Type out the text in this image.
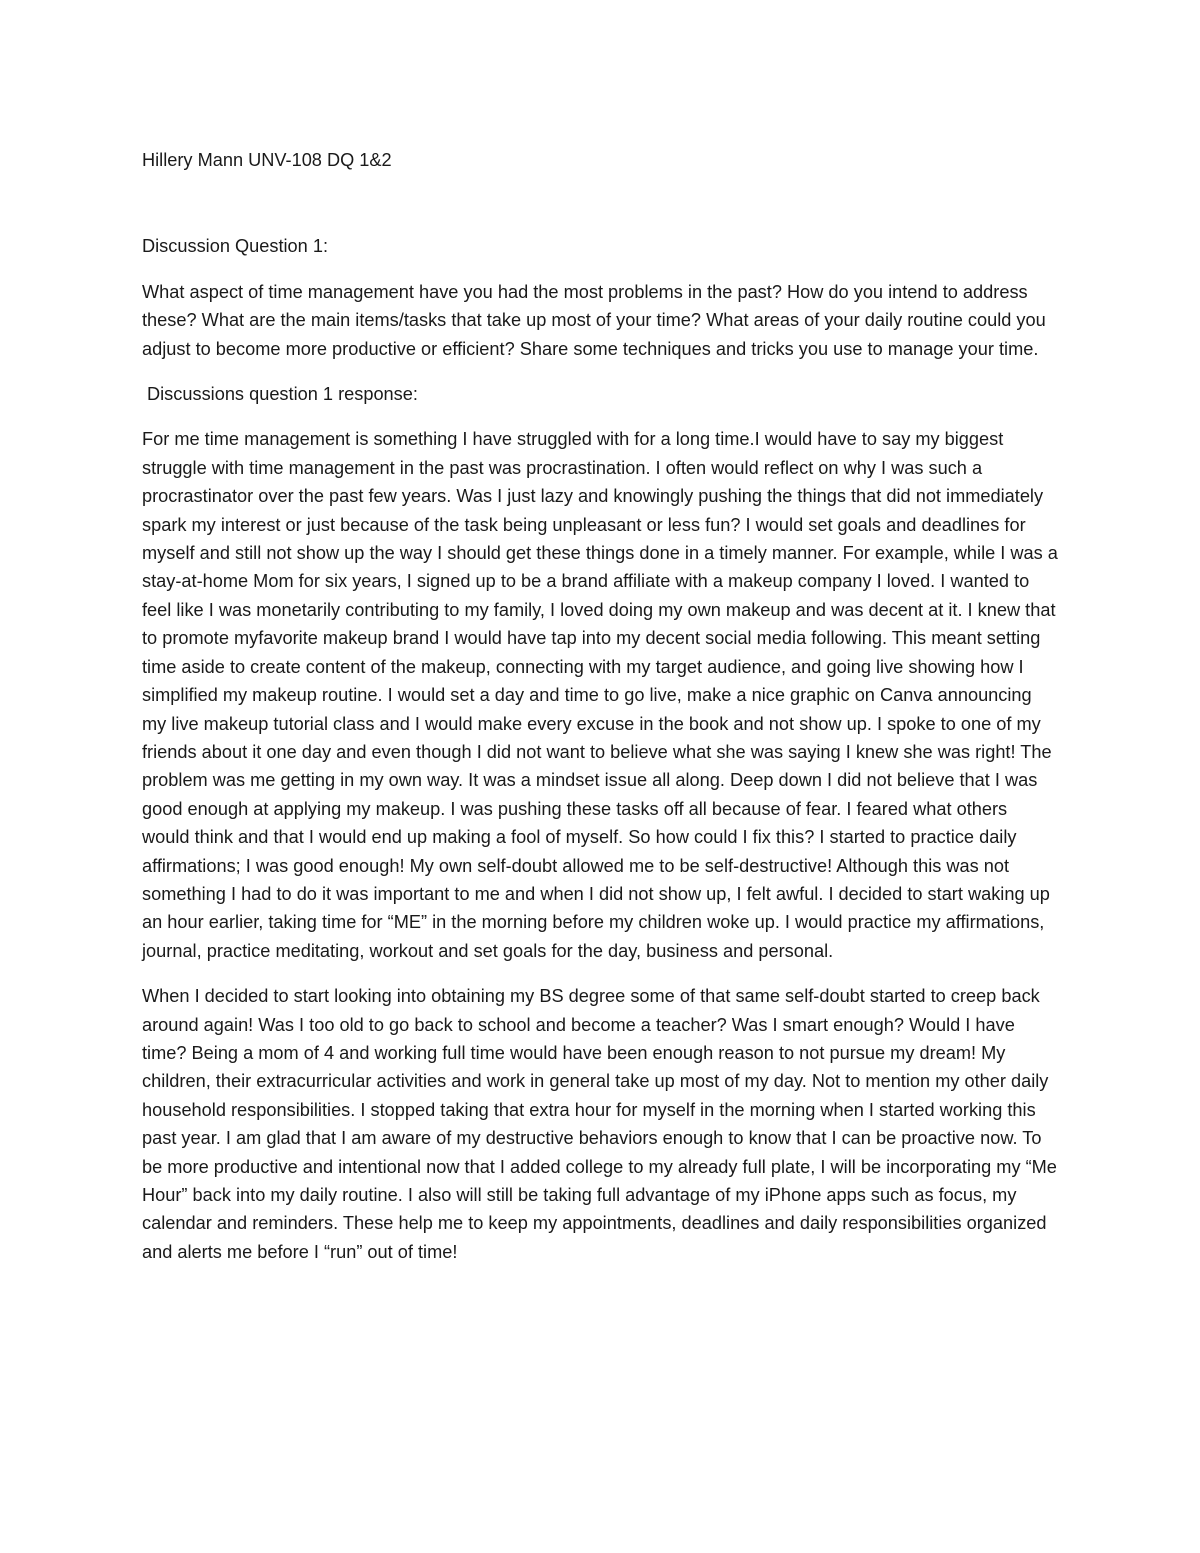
Hillery Mann UNV-108 DQ 1&2

Discussion Question 1:

What aspect of time management have you had the most problems in the past? How do you intend to address these? What are the main items/tasks that take up most of your time? What areas of your daily routine could you adjust to become more productive or efficient? Share some techniques and tricks you use to manage your time.

Discussions question 1 response:

For me time management is something I have struggled with for a long time.I would have to say my biggest struggle with time management in the past was procrastination. I often would reflect on why I was such a procrastinator over the past few years. Was I just lazy and knowingly pushing the things that did not immediately spark my interest or just because of the task being unpleasant or less fun? I would set goals and deadlines for myself and still not show up the way I should get these things done in a timely manner. For example, while I was a stay-at-home Mom for six years, I signed up to be a brand affiliate with a makeup company I loved. I wanted to feel like I was monetarily contributing to my family, I loved doing my own makeup and was decent at it. I knew that to promote myfavorite makeup brand I would have tap into my decent social media following. This meant setting time aside to create content of the makeup, connecting with my target audience, and going live showing how I simplified my makeup routine. I would set a day and time to go live, make a nice graphic on Canva announcing my live makeup tutorial class and I would make every excuse in the book and not show up. I spoke to one of my friends about it one day and even though I did not want to believe what she was saying I knew she was right! The problem was me getting in my own way. It was a mindset issue all along. Deep down I did not believe that I was good enough at applying my makeup. I was pushing these tasks off all because of fear. I feared what others would think and that I would end up making a fool of myself. So how could I fix this? I started to practice daily affirmations; I was good enough! My own self-doubt allowed me to be self-destructive! Although this was not something I had to do it was important to me and when I did not show up, I felt awful. I decided to start waking up an hour earlier, taking time for “ME” in the morning before my children woke up. I would practice my affirmations, journal, practice meditating, workout and set goals for the day, business and personal.

When I decided to start looking into obtaining my BS degree some of that same self-doubt started to creep back around again! Was I too old to go back to school and become a teacher? Was I smart enough? Would I have time? Being a mom of 4 and working full time would have been enough reason to not pursue my dream! My children, their extracurricular activities and work in general take up most of my day. Not to mention my other daily household responsibilities. I stopped taking that extra hour for myself in the morning when I started working this past year. I am glad that I am aware of my destructive behaviors enough to know that I can be proactive now. To be more productive and intentional now that I added college to my already full plate, I will be incorporating my “Me Hour” back into my daily routine. I also will still be taking full advantage of my iPhone apps such as focus, my calendar and reminders. These help me to keep my appointments, deadlines and daily responsibilities organized and alerts me before I “run” out of time!
